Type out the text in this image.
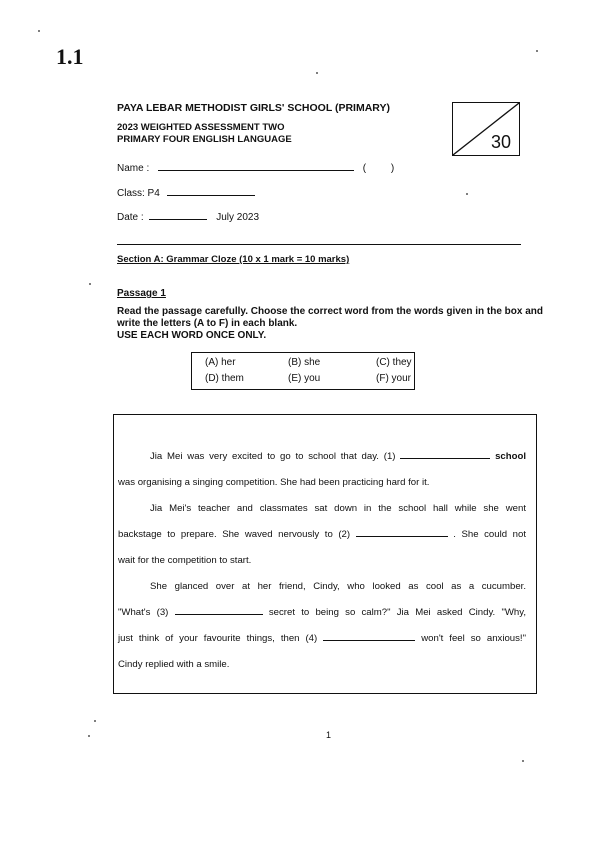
1.1
PAYA LEBAR METHODIST GIRLS' SCHOOL (PRIMARY)
2023 WEIGHTED ASSESSMENT TWO
PRIMARY FOUR ENGLISH LANGUAGE	30
Name :	( )
Class: P4
Date :	July 2023
Section A: Grammar Cloze (10 x 1 mark = 10 marks)
Passage 1
Read the passage carefully. Choose the correct word from the words given in the box and write the letters (A to F) in each blank.
USE EACH WORD ONCE ONLY.
(A) her	(B) she	(C) they
(D) them	(E) you	(F) your

Jia Mei was very excited to go to school that day. (1)	school

was organising a singing competition. She had been practicing hard for it.

Jia Mei's teacher and classmates sat down in the school hall while she went

backstage to prepare. She waved nervously to (2)	. She could not

wait for the competition to start.

She glanced over at her friend, Cindy, who looked as cool as a cucumber.

"What's (3)	secret to being so calm?" Jia Mei asked Cindy. "Why,

just think of your favourite things, then (4)	won't feel so anxious!"

Cindy replied with a smile.

1
